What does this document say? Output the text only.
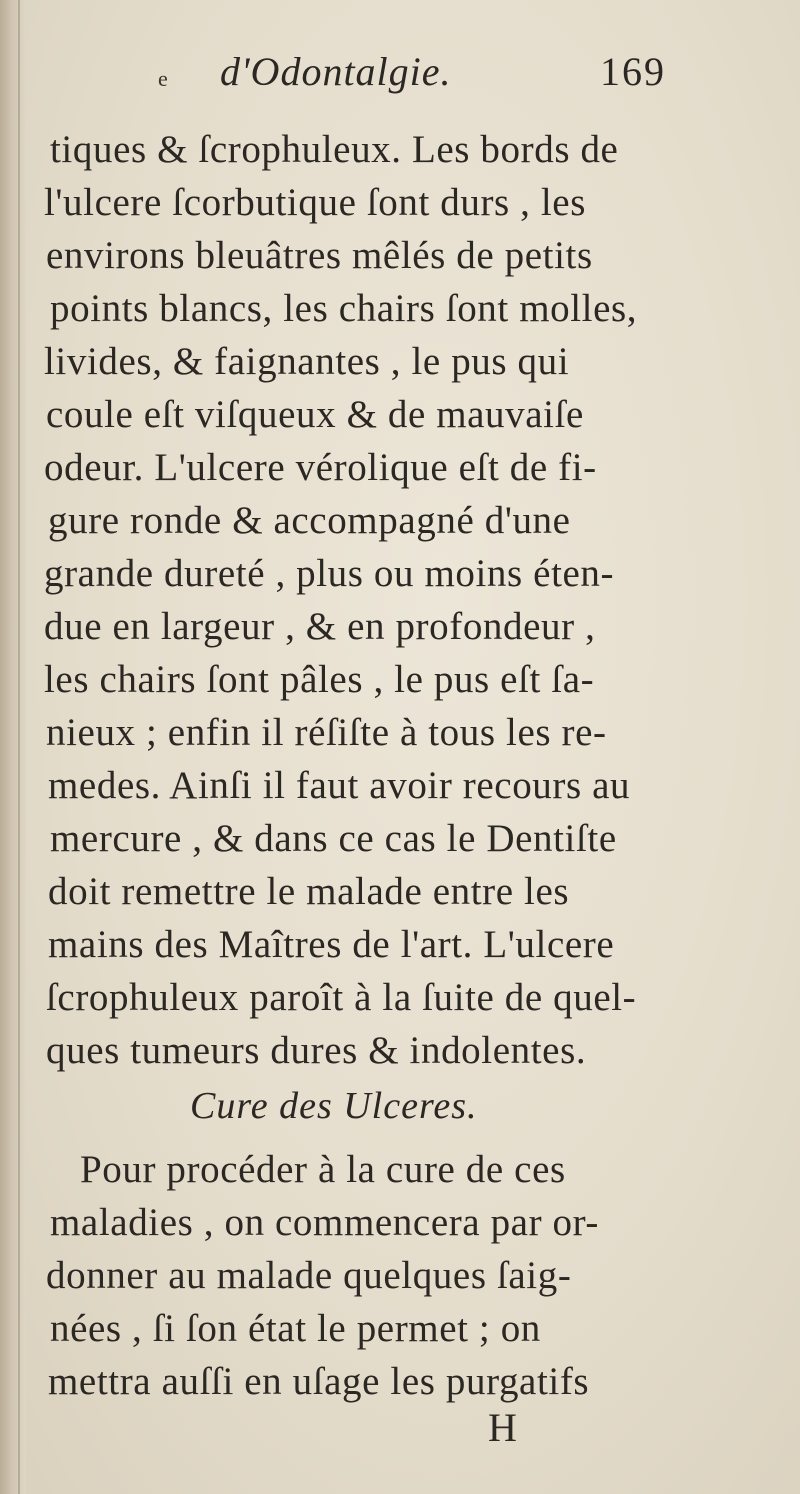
e d'Odontalgie.	169
tiques & ſcrophuleux. Les bords de
l'ulcere ſcorbutique ſont durs , les
environs bleuâtres mêlés de petits
points blancs, les chairs ſont molles,
livides, & faignantes , le pus qui
coule eſt viſqueux & de mauvaiſe
odeur. L'ulcere vérolique eſt de fi-
gure ronde & accompagné d'une
grande dureté , plus ou moins éten-
due en largeur , & en profondeur ,
les chairs ſont pâles , le pus eſt ſa-
nieux ; enfin il réſiſte à tous les re-
medes. Ainſi il faut avoir recours au
mercure , & dans ce cas le Dentiſte
doit remettre le malade entre les
mains des Maîtres de l'art. L'ulcere
ſcrophuleux paroît à la ſuite de quel-
Cure des Ulceres.
Pour procéder à la cure de ces
maladies , on commencera par or-
donner au malade quelques ſaig-
nées , ſi ſon état le permet ; on
mettra auſſi en uſage les purgatifs
H
ques tumeurs dures & indolentes.
